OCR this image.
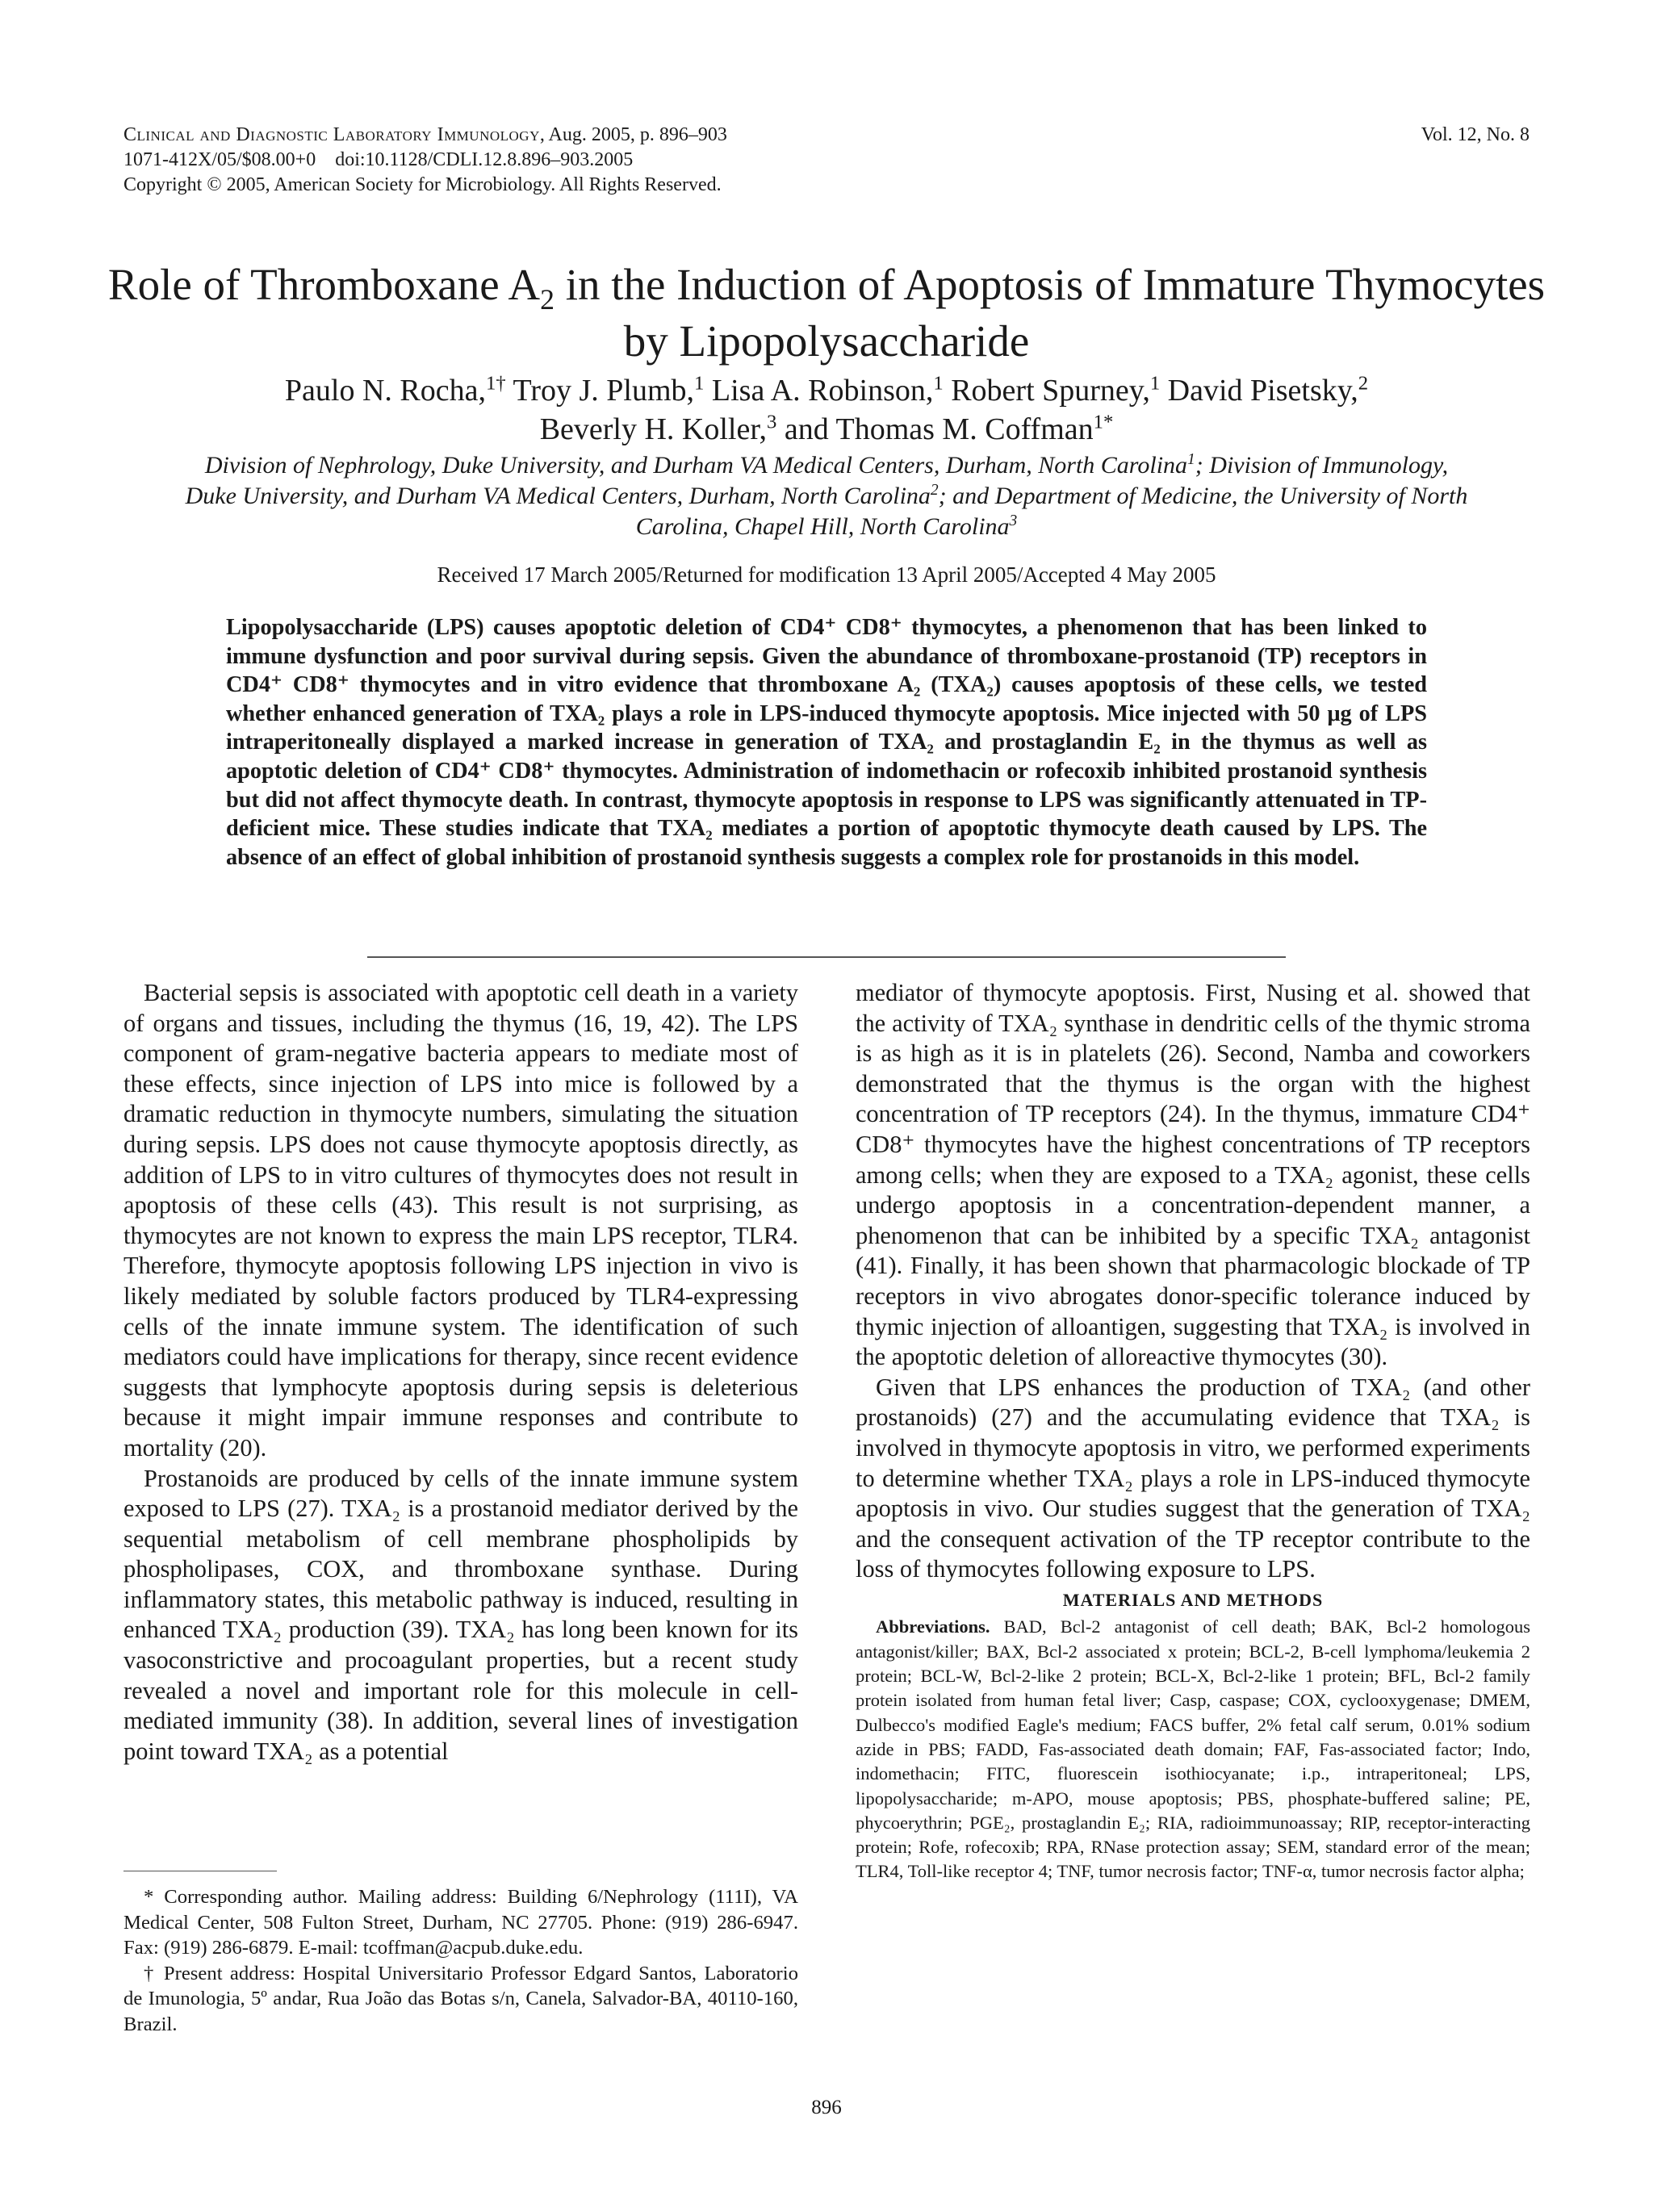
Clinical and Diagnostic Laboratory Immunology, Aug. 2005, p. 896–903
1071-412X/05/$08.00+0    doi:10.1128/CDLI.12.8.896–903.2005
Copyright © 2005, American Society for Microbiology. All Rights Reserved.
Vol. 12, No. 8
Role of Thromboxane $A_2$ in the Induction of Apoptosis of Immature Thymocytes by Lipopolysaccharide
Paulo N. Rocha,$^{1\dagger}$ Troy J. Plumb,$^1$ Lisa A. Robinson,$^1$ Robert Spurney,$^1$ David Pisetsky,$^2$
Beverly H. Koller,$^3$ and Thomas M. Coffman$^{1*}$
Division of Nephrology, Duke University, and Durham VA Medical Centers, Durham, North Carolina$^1$; Division of Immunology, Duke University, and Durham VA Medical Centers, Durham, North Carolina$^2$; and Department of Medicine, the University of North Carolina, Chapel Hill, North Carolina$^3$
Received 17 March 2005/Returned for modification 13 April 2005/Accepted 4 May 2005
Lipopolysaccharide (LPS) causes apoptotic deletion of CD4⁺ CD8⁺ thymocytes, a phenomenon that has been linked to immune dysfunction and poor survival during sepsis. Given the abundance of thromboxane-prostanoid (TP) receptors in CD4⁺ CD8⁺ thymocytes and in vitro evidence that thromboxane A₂ (TXA₂) causes apoptosis of these cells, we tested whether enhanced generation of TXA₂ plays a role in LPS-induced thymocyte apoptosis. Mice injected with 50 μg of LPS intraperitoneally displayed a marked increase in generation of TXA₂ and prostaglandin E₂ in the thymus as well as apoptotic deletion of CD4⁺ CD8⁺ thymocytes. Administration of indomethacin or rofecoxib inhibited prostanoid synthesis but did not affect thymocyte death. In contrast, thymocyte apoptosis in response to LPS was significantly attenuated in TP-deficient mice. These studies indicate that TXA₂ mediates a portion of apoptotic thymocyte death caused by LPS. The absence of an effect of global inhibition of prostanoid synthesis suggests a complex role for prostanoids in this model.

Bacterial sepsis is associated with apoptotic cell death in a variety of organs and tissues, including the thymus (16, 19, 42). The LPS component of gram-negative bacteria appears to mediate most of these effects, since injection of LPS into mice is followed by a dramatic reduction in thymocyte numbers, simulating the situation during sepsis. LPS does not cause thymocyte apoptosis directly, as addition of LPS to in vitro cultures of thymocytes does not result in apoptosis of these cells (43). This result is not surprising, as thymocytes are not known to express the main LPS receptor, TLR4. Therefore, thymocyte apoptosis following LPS injection in vivo is likely mediated by soluble factors produced by TLR4-expressing cells of the innate immune system. The identification of such mediators could have implications for therapy, since recent evidence suggests that lymphocyte apoptosis during sepsis is deleterious because it might impair immune responses and contribute to mortality (20).

Prostanoids are produced by cells of the innate immune system exposed to LPS (27). TXA₂ is a prostanoid mediator derived by the sequential metabolism of cell membrane phospholipids by phospholipases, COX, and thromboxane synthase. During inflammatory states, this metabolic pathway is induced, resulting in enhanced TXA₂ production (39). TXA₂ has long been known for its vasoconstrictive and procoagulant properties, but a recent study revealed a novel and important role for this molecule in cell-mediated immunity (38). In addition, several lines of investigation point toward TXA₂ as a potential

mediator of thymocyte apoptosis. First, Nusing et al. showed that the activity of TXA₂ synthase in dendritic cells of the thymic stroma is as high as it is in platelets (26). Second, Namba and coworkers demonstrated that the thymus is the organ with the highest concentration of TP receptors (24). In the thymus, immature CD4⁺ CD8⁺ thymocytes have the highest concentrations of TP receptors among cells; when they are exposed to a TXA₂ agonist, these cells undergo apoptosis in a concentration-dependent manner, a phenomenon that can be inhibited by a specific TXA₂ antagonist (41). Finally, it has been shown that pharmacologic blockade of TP receptors in vivo abrogates donor-specific tolerance induced by thymic injection of alloantigen, suggesting that TXA₂ is involved in the apoptotic deletion of alloreactive thymocytes (30).

Given that LPS enhances the production of TXA₂ (and other prostanoids) (27) and the accumulating evidence that TXA₂ is involved in thymocyte apoptosis in vitro, we performed experiments to determine whether TXA₂ plays a role in LPS-induced thymocyte apoptosis in vivo. Our studies suggest that the generation of TXA₂ and the consequent activation of the TP receptor contribute to the loss of thymocytes following exposure to LPS.

MATERIALS AND METHODS

Abbreviations. BAD, Bcl-2 antagonist of cell death; BAK, Bcl-2 homologous antagonist/killer; BAX, Bcl-2 associated x protein; BCL-2, B-cell lymphoma/leukemia 2 protein; BCL-W, Bcl-2-like 2 protein; BCL-X, Bcl-2-like 1 protein; BFL, Bcl-2 family protein isolated from human fetal liver; Casp, caspase; COX, cyclooxygenase; DMEM, Dulbecco's modified Eagle's medium; FACS buffer, 2% fetal calf serum, 0.01% sodium azide in PBS; FADD, Fas-associated death domain; FAF, Fas-associated factor; Indo, indomethacin; FITC, fluorescein isothiocyanate; i.p., intraperitoneal; LPS, lipopolysaccharide; m-APO, mouse apoptosis; PBS, phosphate-buffered saline; PE, phycoerythrin; PGE₂, prostaglandin E₂; RIA, radioimmunoassay; RIP, receptor-interacting protein; Rofe, rofecoxib; RPA, RNase protection assay; SEM, standard error of the mean; TLR4, Toll-like receptor 4; TNF, tumor necrosis factor; TNF-α, tumor necrosis factor alpha;

* Corresponding author. Mailing address: Building 6/Nephrology (111I), VA Medical Center, 508 Fulton Street, Durham, NC 27705. Phone: (919) 286-6947. Fax: (919) 286-6879. E-mail: tcoffman@acpub.duke.edu.

† Present address: Hospital Universitario Professor Edgard Santos, Laboratorio de Imunologia, 5º andar, Rua João das Botas s/n, Canela, Salvador-BA, 40110-160, Brazil.

896
